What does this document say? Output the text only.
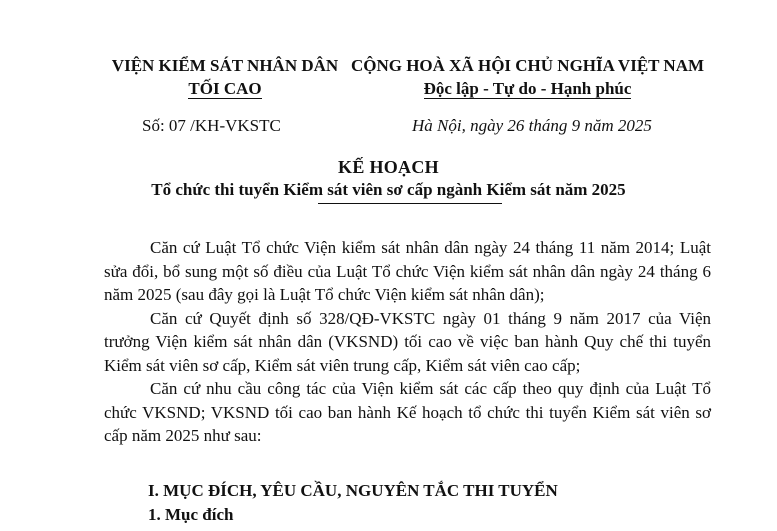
VIỆN KIỂM SÁT NHÂN DÂN
TỐI CAO
CỘNG HOÀ XÃ HỘI CHỦ NGHĨA VIỆT NAM
Độc lập - Tự do - Hạnh phúc
Số: 07 /KH-VKSTC	Hà Nội, ngày 26 tháng 9 năm 2025
KẾ HOẠCH
Tổ chức thi tuyển Kiểm sát viên sơ cấp ngành Kiểm sát năm 2025

Căn cứ Luật Tổ chức Viện kiểm sát nhân dân ngày 24 tháng 11 năm 2014; Luật sửa đổi, bổ sung một số điều của Luật Tổ chức Viện kiểm sát nhân dân ngày 24 tháng 6 năm 2025 (sau đây gọi là Luật Tổ chức Viện kiểm sát nhân dân);

Căn cứ Quyết định số 328/QĐ-VKSTC ngày 01 tháng 9 năm 2017 của Viện trưởng Viện kiểm sát nhân dân (VKSND) tối cao về việc ban hành Quy chế thi tuyển Kiểm sát viên sơ cấp, Kiểm sát viên trung cấp, Kiểm sát viên cao cấp;

Căn cứ nhu cầu công tác của Viện kiểm sát các cấp theo quy định của Luật Tổ chức VKSND; VKSND tối cao ban hành Kế hoạch tổ chức thi tuyển Kiểm sát viên sơ cấp năm 2025 như sau:

I. MỤC ĐÍCH, YÊU CẦU, NGUYÊN TẮC THI TUYỂN
1. Mục đích
